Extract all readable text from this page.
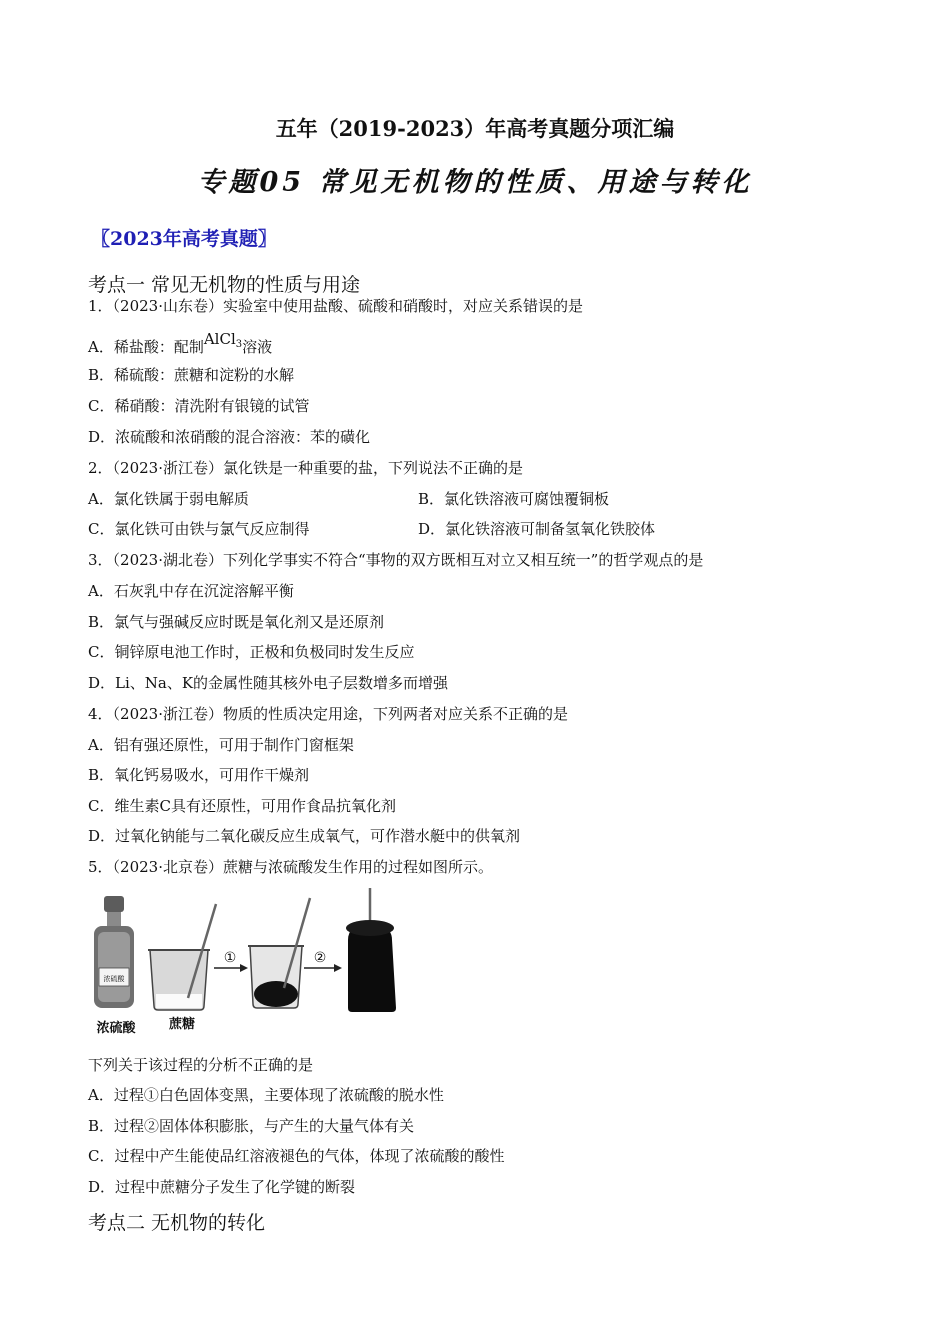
五年（2019-2023）年高考真题分项汇编
专题05 常见无机物的性质、用途与转化
〖2023年高考真题〗
考点一 常见无机物的性质与用途
1．（2023·山东卷）实验室中使用盐酸、硫酸和硝酸时，对应关系错误的是
A．稀盐酸：配制AlCl$_3$溶液
B．稀硫酸：蔗糖和淀粉的水解
C．稀硝酸：清洗附有银镜的试管
D．浓硫酸和浓硝酸的混合溶液：苯的磺化
2．（2023·浙江卷）氯化铁是一种重要的盐，下列说法不正确的是
A．氯化铁属于弱电解质	B．氯化铁溶液可腐蚀覆铜板
C．氯化铁可由铁与氯气反应制得	D．氯化铁溶液可制备氢氧化铁胶体
3．（2023·湖北卷）下列化学事实不符合“事物的双方既相互对立又相互统一”的哲学观点的是
A．石灰乳中存在沉淀溶解平衡
B．氯气与强碱反应时既是氧化剂又是还原剂
C．铜锌原电池工作时，正极和负极同时发生反应
D．Li、Na、K的金属性随其核外电子层数增多而增强
4．（2023·浙江卷）物质的性质决定用途，下列两者对应关系不正确的是
A．铝有强还原性，可用于制作门窗框架
B．氧化钙易吸水，可用作干燥剂
C．维生素C具有还原性，可用作食品抗氧化剂
D．过氧化钠能与二氧化碳反应生成氧气，可作潜水艇中的供氧剂
5．（2023·北京卷）蔗糖与浓硫酸发生作用的过程如图所示。
浓硫酸
①	②
浓硫酸	蔗糖
下列关于该过程的分析不正确的是
A．过程①白色固体变黑，主要体现了浓硫酸的脱水性
B．过程②固体体积膨胀，与产生的大量气体有关
C．过程中产生能使品红溶液褪色的气体，体现了浓硫酸的酸性
D．过程中蔗糖分子发生了化学键的断裂
考点二 无机物的转化
